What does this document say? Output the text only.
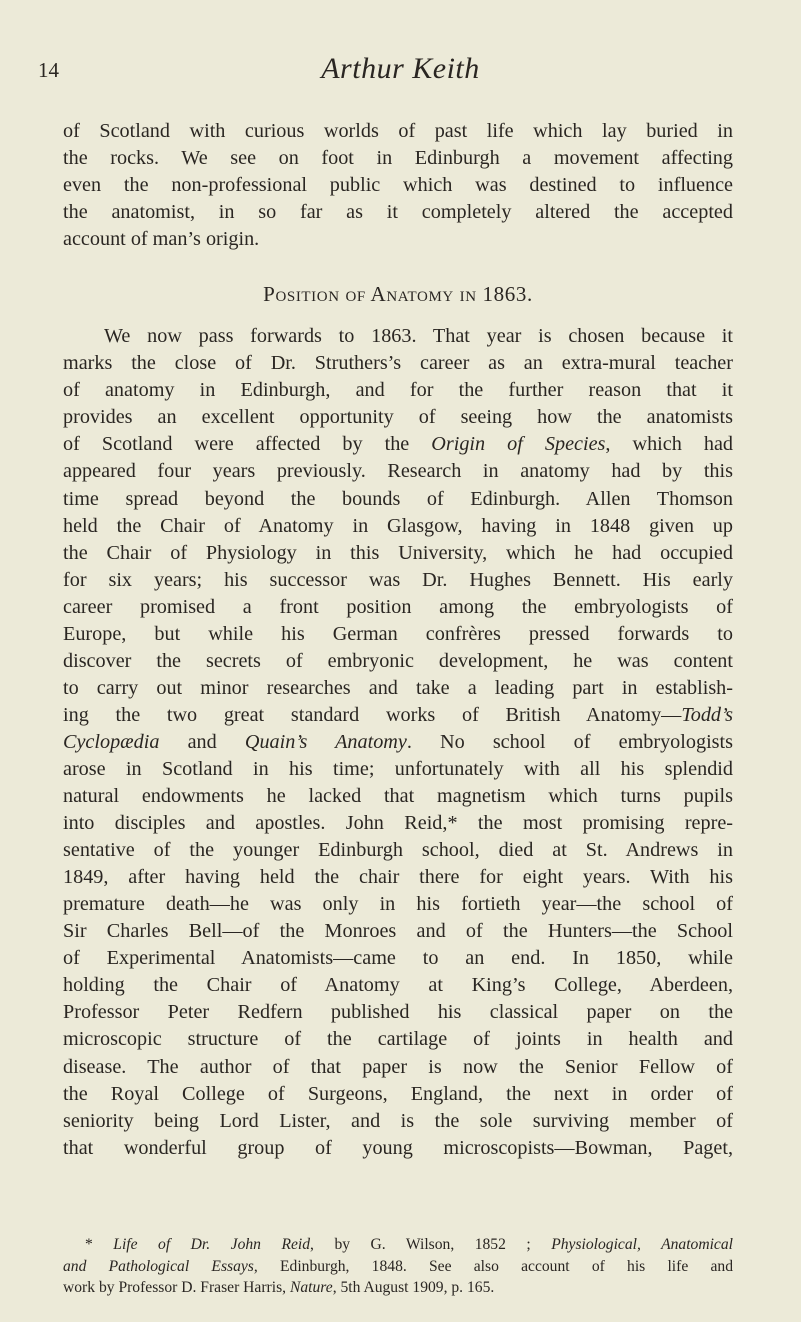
14	Arthur Keith
of Scotland with curious worlds of past life which lay buried in
the rocks. We see on foot in Edinburgh a movement affecting
even the non-professional public which was destined to influence
the anatomist, in so far as it completely altered the accepted
account of man’s origin.
Position of Anatomy in 1863.
We now pass forwards to 1863. That year is chosen because it
marks the close of Dr. Struthers’s career as an extra-mural teacher
of anatomy in Edinburgh, and for the further reason that it
provides an excellent opportunity of seeing how the anatomists
of Scotland were affected by the Origin of Species, which had
appeared four years previously. Research in anatomy had by this
time spread beyond the bounds of Edinburgh. Allen Thomson
held the Chair of Anatomy in Glasgow, having in 1848 given up
the Chair of Physiology in this University, which he had occupied
for six years; his successor was Dr. Hughes Bennett. His early
career promised a front position among the embryologists of
Europe, but while his German confrères pressed forwards to
discover the secrets of embryonic development, he was content
to carry out minor researches and take a leading part in establish-
ing the two great standard works of British Anatomy—Todd’s
Cyclopædia and Quain’s Anatomy. No school of embryologists
arose in Scotland in his time; unfortunately with all his splendid
natural endowments he lacked that magnetism which turns pupils
into disciples and apostles. John Reid,* the most promising repre-
sentative of the younger Edinburgh school, died at St. Andrews in
1849, after having held the chair there for eight years. With his
premature death—he was only in his fortieth year—the school of
Sir Charles Bell—of the Monroes and of the Hunters—the School
of Experimental Anatomists—came to an end. In 1850, while
holding the Chair of Anatomy at King’s College, Aberdeen,
Professor Peter Redfern published his classical paper on the
microscopic structure of the cartilage of joints in health and
disease. The author of that paper is now the Senior Fellow of
the Royal College of Surgeons, England, the next in order of
seniority being Lord Lister, and is the sole surviving member of
that wonderful group of young microscopists—Bowman, Paget,
* Life of Dr. John Reid, by G. Wilson, 1852 ; Physiological, Anatomical
and Pathological Essays, Edinburgh, 1848. See also account of his life and
work by Professor D. Fraser Harris, Nature, 5th August 1909, p. 165.
